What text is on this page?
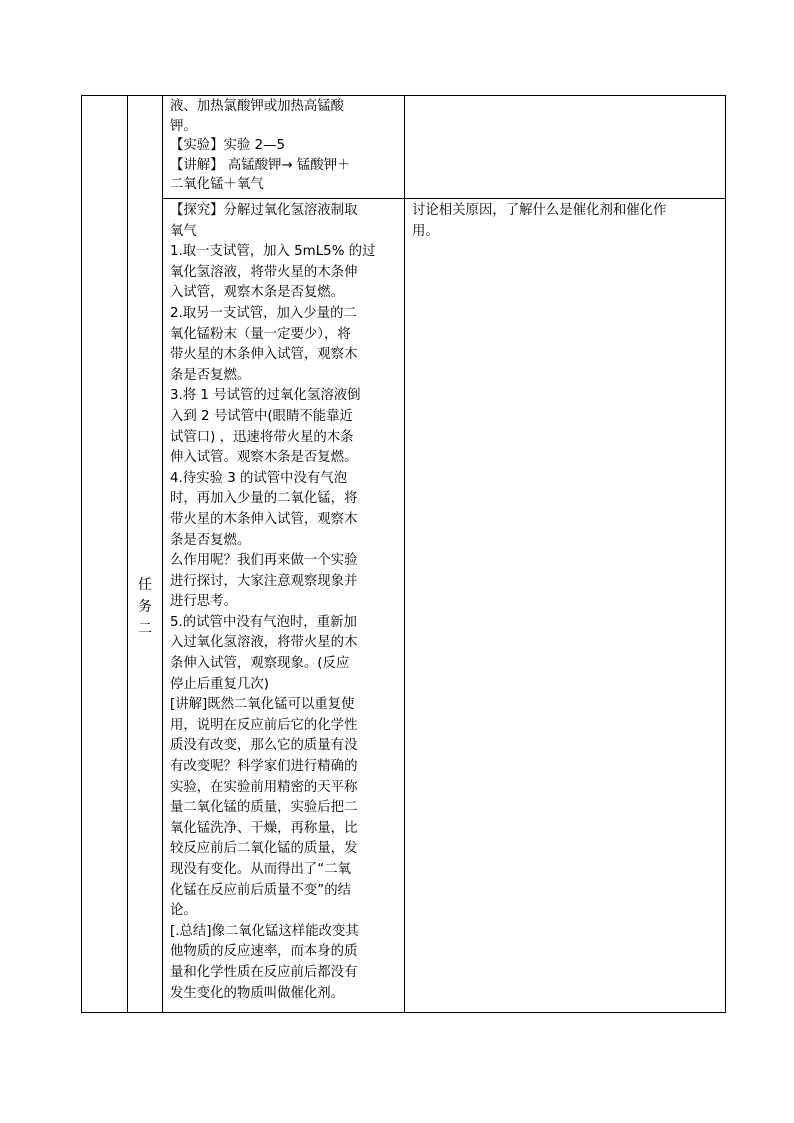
液、加热氯酸钾或加热高锰酸

钾。

【实验】实验 2—5

【讲解】 高锰酸钾→ 锰酸钾＋

二氧化锰＋氧气

任
务
二

【探究】分解过氧化氢溶液制取

氧气

1.取一支试管，加入 5mL5% 的过

氧化氢溶液，将带火星的木条伸

入试管，观察木条是否复燃。

2.取另一支试管，加入少量的二

氧化锰粉末（量一定要少），将

带火星的木条伸入试管，观察木

条是否复燃。

3.将 1 号试管的过氧化氢溶液倒

入到 2 号试管中(眼睛不能靠近

试管口) ，迅速将带火星的木条

伸入试管。观察木条是否复燃。

4.待实验 3 的试管中没有气泡

时，再加入少量的二氧化锰，将

带火星的木条伸入试管，观察木

条是否复燃。

么作用呢？我们再来做一个实验

进行探讨，大家注意观察现象并

进行思考。

5.的试管中没有气泡时，重新加

入过氧化氢溶液，将带火星的木

条伸入试管，观察现象。(反应

停止后重复几次)

[讲解]既然二氧化锰可以重复使

用，说明在反应前后它的化学性

质没有改变，那么它的质量有没

有改变呢？科学家们进行精确的

实验，在实验前用精密的天平称

量二氧化锰的质量，实验后把二

氧化锰洗净、干燥，再称量，比

较反应前后二氧化锰的质量，发

现没有变化。从而得出了“二氧

化锰在反应前后质量不变”的结

论。

[.总结]像二氧化锰这样能改变其

他物质的反应速率，而本身的质

量和化学性质在反应前后都没有

发生变化的物质叫做催化剂。

讨论相关原因，了解什么是催化剂和催化作

用。
